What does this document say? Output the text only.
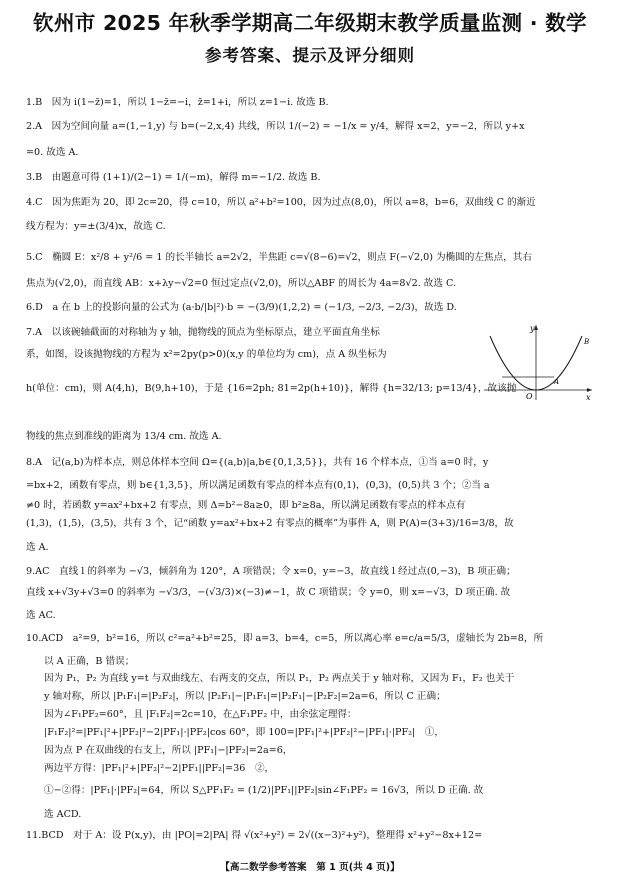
钦州市 2025 年秋季学期高二年级期末教学质量监测 · 数学
参考答案、提示及评分细则
1.B　因为 i(1−z̄)=1，所以 1−z̄=−i，z̄=1+i，所以 z=1−i. 故选 B.
2.A　因为空间向量 a=(1,−1,y) 与 b=(−2,x,4) 共线，所以 1/(−2) = −1/x = y/4，解得 x=2，y=−2，所以 y+x
=0. 故选 A.
3.B　由题意可得 (1+1)/(2−1) = 1/(−m)，解得 m=−1/2. 故选 B.
4.C　因为焦距为 20，即 2c=20，得 c=10，所以 a²+b²=100，因为过点(8,0)，所以 a=8，b=6，双曲线 C 的渐近
线方程为：y=±(3/4)x，故选 C.
5.C　椭圆 E：x²/8 + y²/6 = 1 的长半轴长 a=2√2，半焦距 c=√(8−6)=√2，则点 F(−√2,0) 为椭圆的左焦点，其右
焦点为(√2,0)，而直线 AB：x+λy−√2=0 恒过定点(√2,0)，所以△ABF 的周长为 4a=8√2. 故选 C.
6.D　a 在 b 上的投影向量的公式为 (a·b/|b|²)·b = −(3/9)(1,2,2) = (−1/3, −2/3, −2/3)，故选 D.
7.A　以该碗轴截面的对称轴为 y 轴，抛物线的顶点为坐标原点，建立平面直角坐标
系，如图，设该抛物线的方程为 x²=2py(p>0)(x,y 的单位均为 cm)，点 A 纵坐标为
h(单位：cm)，则 A(4,h)，B(9,h+10)，于是 {16=2ph; 81=2p(h+10)}，解得 {h=32/13; p=13/4}，故该抛
物线的焦点到准线的距离为 13/4 cm. 故选 A.
8.A　记(a,b)为样本点，则总体样本空间 Ω={(a,b)|a,b∈{0,1,3,5}}，共有 16 个样本点，①当 a=0 时，y
=bx+2，函数有零点，则 b∈{1,3,5}，所以满足函数有零点的样本点有(0,1)，(0,3)，(0,5)共 3 个；②当 a
≠0 时，若函数 y=ax²+bx+2 有零点，则 Δ=b²−8a≥0，即 b²≥8a，所以满足函数有零点的样本点有
(1,3)，(1,5)，(3,5)，共有 3 个，记“函数 y=ax²+bx+2 有零点的概率”为事件 A，则 P(A)=(3+3)/16=3/8，故
选 A.
9.AC　直线 l 的斜率为 −√3，倾斜角为 120°，A 项错误；令 x=0，y=−3，故直线 l 经过点(0,−3)，B 项正确；
直线 x+√3y+√3=0 的斜率为 −√3/3，−(√3/3)×(−3)≠−1，故 C 项错误；令 y=0，则 x=−√3，D 项正确. 故
选 AC.
10.ACD　a²=9，b²=16，所以 c²=a²+b²=25，即 a=3，b=4，c=5，所以离心率 e=c/a=5/3，虚轴长为 2b=8，所
以 A 正确，B 错误；
因为 P₁，P₂ 为直线 y=t 与双曲线左、右两支的交点，所以 P₁，P₂ 两点关于 y 轴对称，又因为 F₁，F₂ 也关于
y 轴对称，所以 |P₁F₁|=|P₂F₂|，所以 |P₂F₁|−|P₁F₁|=|P₂F₁|−|P₂F₂|=2a=6，所以 C 正确；
因为∠F₁PF₂=60°，且 |F₁F₂|=2c=10，在△F₁PF₂ 中，由余弦定理得：
|F₁F₂|²=|PF₁|²+|PF₂|²−2|PF₁|·|PF₂|cos 60°，即 100=|PF₁|²+|PF₂|²−|PF₁|·|PF₂|　①，
因为点 P 在双曲线的右支上，所以 |PF₁|−|PF₂|=2a=6，
两边平方得：|PF₁|²+|PF₂|²−2|PF₁||PF₂|=36　②，
①−②得：|PF₁|·|PF₂|=64，所以 S△PF₁F₂ = (1/2)|PF₁||PF₂|sin∠F₁PF₂ = 16√3，所以 D 正确. 故
选 ACD.
11.BCD　对于 A：设 P(x,y)，由 |PO|=2|PA| 得 √(x²+y²) = 2√((x−3)²+y²)，整理得 x²+y²−8x+12=
y
x
O
A
B
【高二数学参考答案　第 1 页(共 4 页)】
